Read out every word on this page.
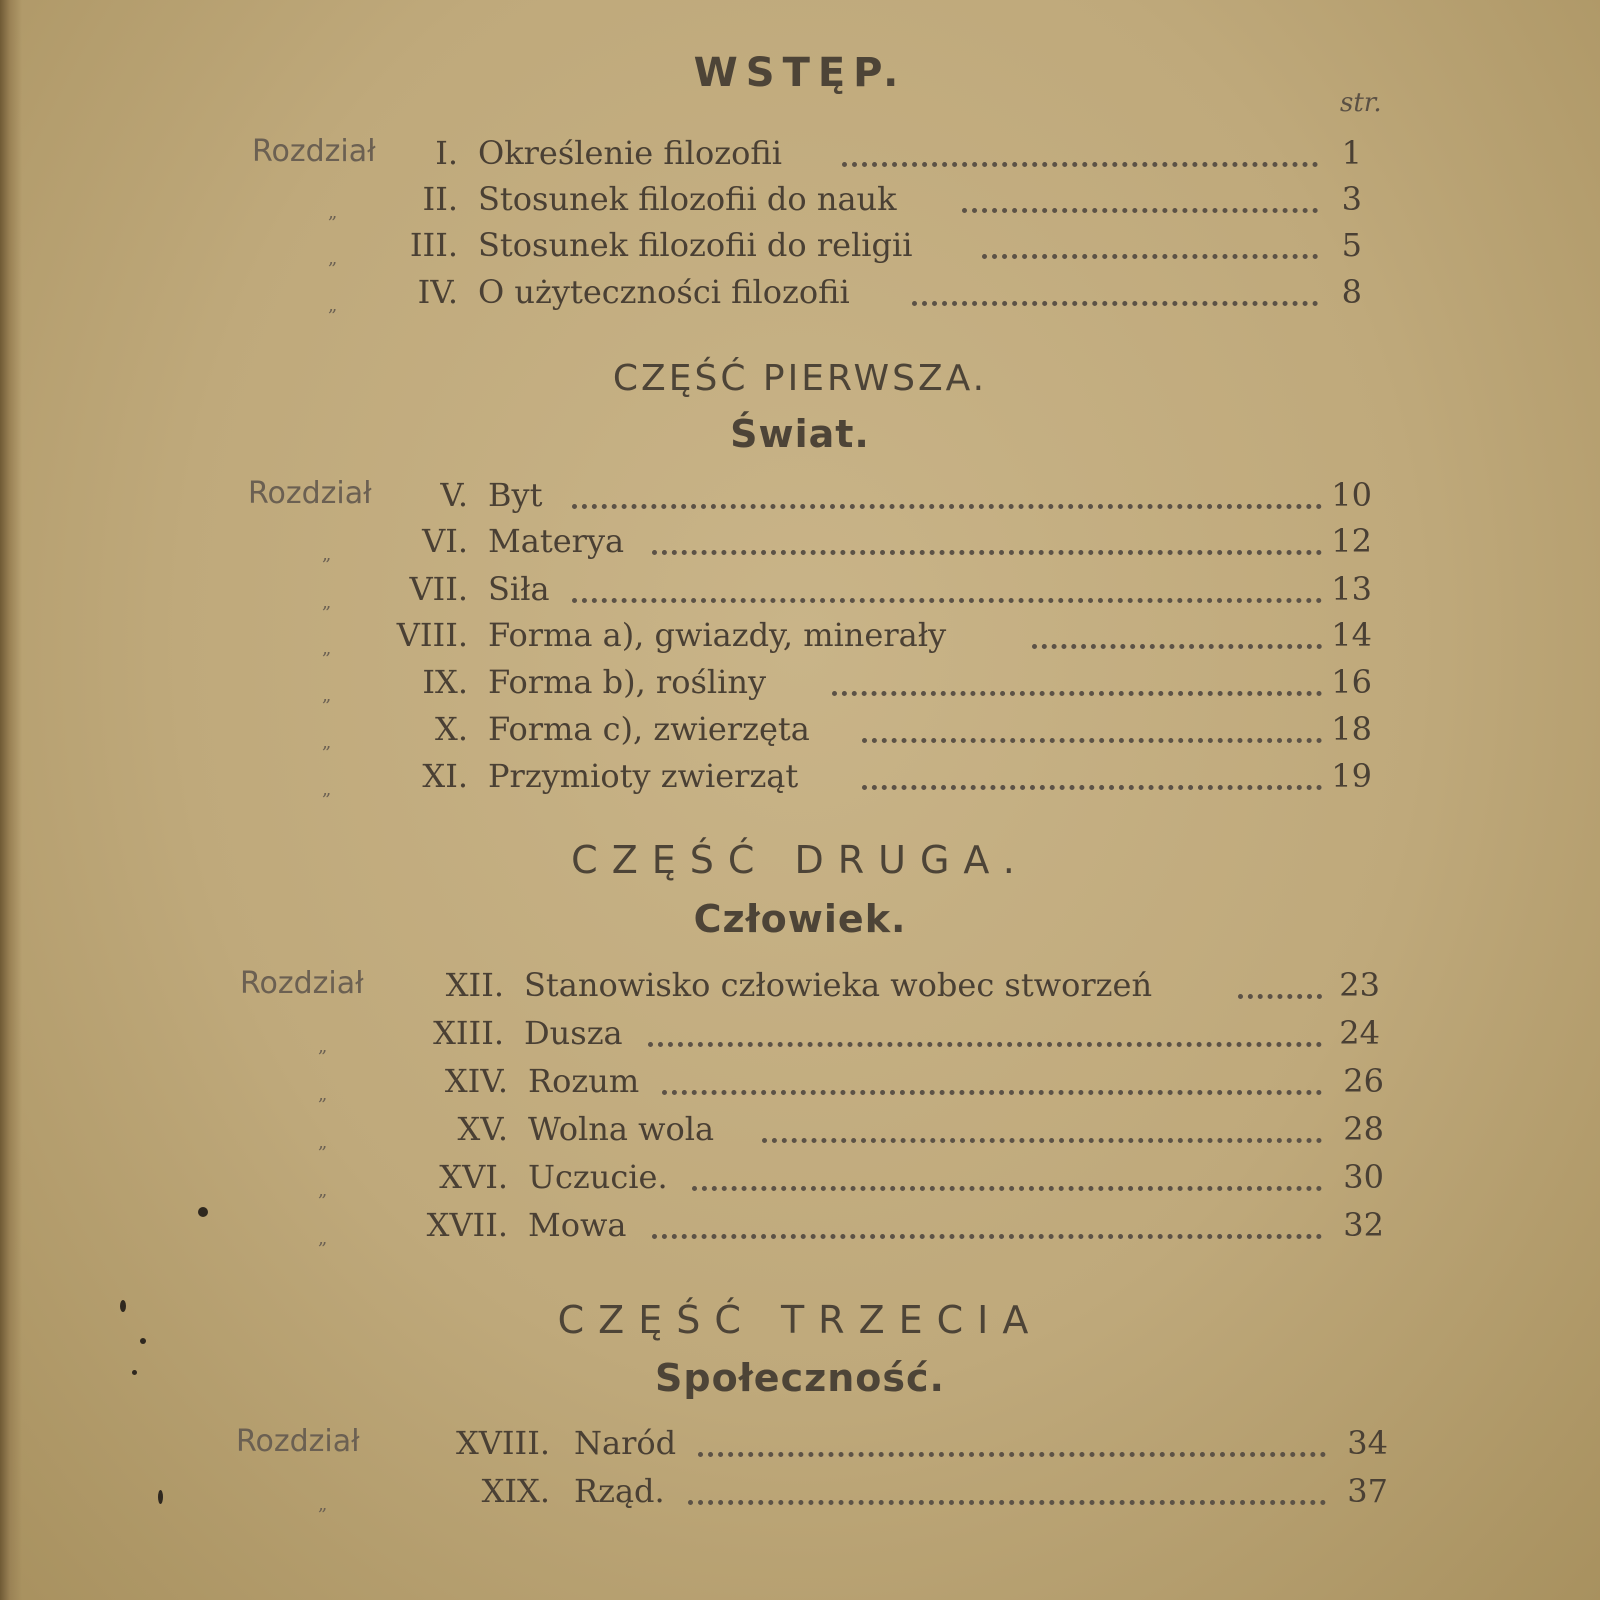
WSTĘP.
str.
CZĘŚĆ PIERWSZA.
Świat.
CZĘŚĆ DRUGA.
Człowiek.
CZĘŚĆ TRZECIA
Społeczność.
Rozdział I. Określenie filozofii	1
„	II. Stosunek filozofii do nauk	3
„ III. Stosunek filozofii do religii	5
„	IV. O użyteczności filozofii	8
Rozdział V. Byt	10
„	VI. Materya	12
„ VII. Siła	13
„ VIII. Forma a), gwiazdy, minerały	14
„	IX. Forma b), rośliny	16
„	X. Forma c), zwierzęta	18
„	XI. Przymioty zwierząt	19
Rozdział	XII. Stanowisko człowieka wobec stworzeń	23
„	XIII. Dusza	24
„	XIV. Rozum	26
„	XV. Wolna wola	28
„	XVI. Uczucie.	30
„	XVII. Mowa	32
Rozdział	XVIII. Naród	34
„	XIX. Rząd.	37
